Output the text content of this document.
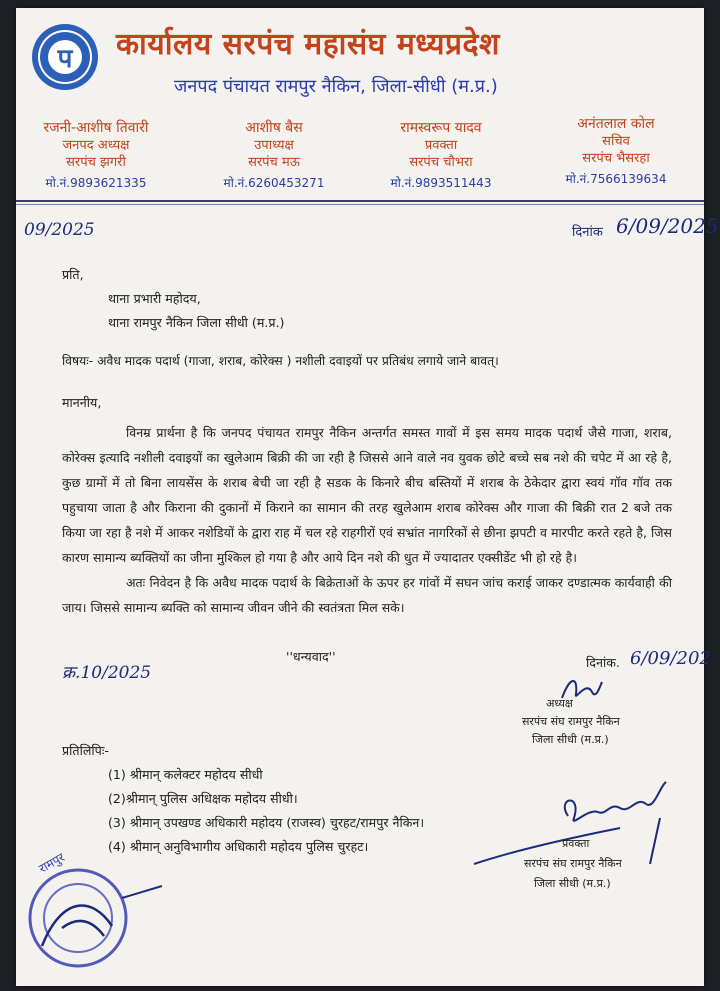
प कार्यालय सरपंच महासंघ मध्यप्रदेश
जनपद पंचायत रामपुर नैकिन, जिला-सीधी (म.प्र.)
रजनी-आशीष तिवारी
जनपद अध्यक्ष
सरपंच झगरी
मो.नं.9893621335
आशीष बैस
उपाध्यक्ष
सरपंच मऊ
मो.नं.6260453271
रामस्वरूप यादव
प्रवक्ता
सरपंच चौभरा
मो.नं.9893511443
अनंतलाल कोल
सचिव
सरपंच भैसरहा
मो.नं.7566139634
09/2025	दिनांक 6/09/2025
प्रति,
थाना प्रभारी महोदय,
थाना रामपुर नैकिन जिला सीधी (म.प्र.)
विषयः- अवैध मादक पदार्थ (गाजा, शराब, कोरेक्स ) नशीली दवाइयों पर प्रतिबंध लगाये जाने बावत्।
माननीय,

विनम्र प्रार्थना है कि जनपद पंचायत रामपुर नैकिन अन्तर्गत समस्त गावों में इस समय मादक पदार्थ जैसे गाजा, शराब, कोरेक्स इत्यादि नशीली दवाइयों का खुलेआम बिक्री की जा रही है जिससे आने वाले नव युवक छोटे बच्चे सब नशे की चपेट में आ रहे है, कुछ ग्रामों में तो बिना लायसेंस के शराब बेची जा रही है सडक के किनारे बीच बस्तियों में शराब के ठेकेदार द्वारा स्वयं गॉव गॉव तक पहुचाया जाता है और किराना की दुकानों में किराने का सामान की तरह खुलेआम शराब कोरेक्स और गाजा की बिक्री रात 2 बजे तक किया जा रहा है नशे में आकर नशेडियों के द्वारा राह में चल रहे राहगीरों एवं सभ्रांत नागरिकों से छीना झपटी व मारपीट करते रहते है, जिस कारण सामान्य ब्यक्तियों का जीना मुश्किल हो गया है और आये दिन नशे की धुत में ज्यादातर एक्सीडेंट भी हो रहे है।

अतः निवेदन है कि अवैध मादक पदार्थ के बिक्रेताओं के ऊपर हर गांवों में सघन जांच कराई जाकर दण्डात्मक कार्यवाही की जाय। जिससे सामान्य ब्यक्ति को सामान्य जीवन जीने की स्वतंत्रता मिल सके।

क्र.10/2025
''धन्यवाद''	दिनांक. 6/09/202
अध्यक्ष
सरपंच संघ रामपुर नैकिन
जिला सीधी (म.प्र.)
प्रतिलिपिः-
(1) श्रीमान् कलेक्टर महोदय सीधी
(2)श्रीमान् पुलिस अधिक्षक महोदय सीधी।
(3) श्रीमान् उपखण्ड अधिकारी महोदय (राजस्व) चुरहट/रामपुर नैकिन।
(4) श्रीमान् अनुविभागीय अधिकारी महोदय पुलिस चुरहट।	प्रवक्ता
सरपंच संघ रामपुर नैकिन
जिला सीधी (म.प्र.)
रामपुर
